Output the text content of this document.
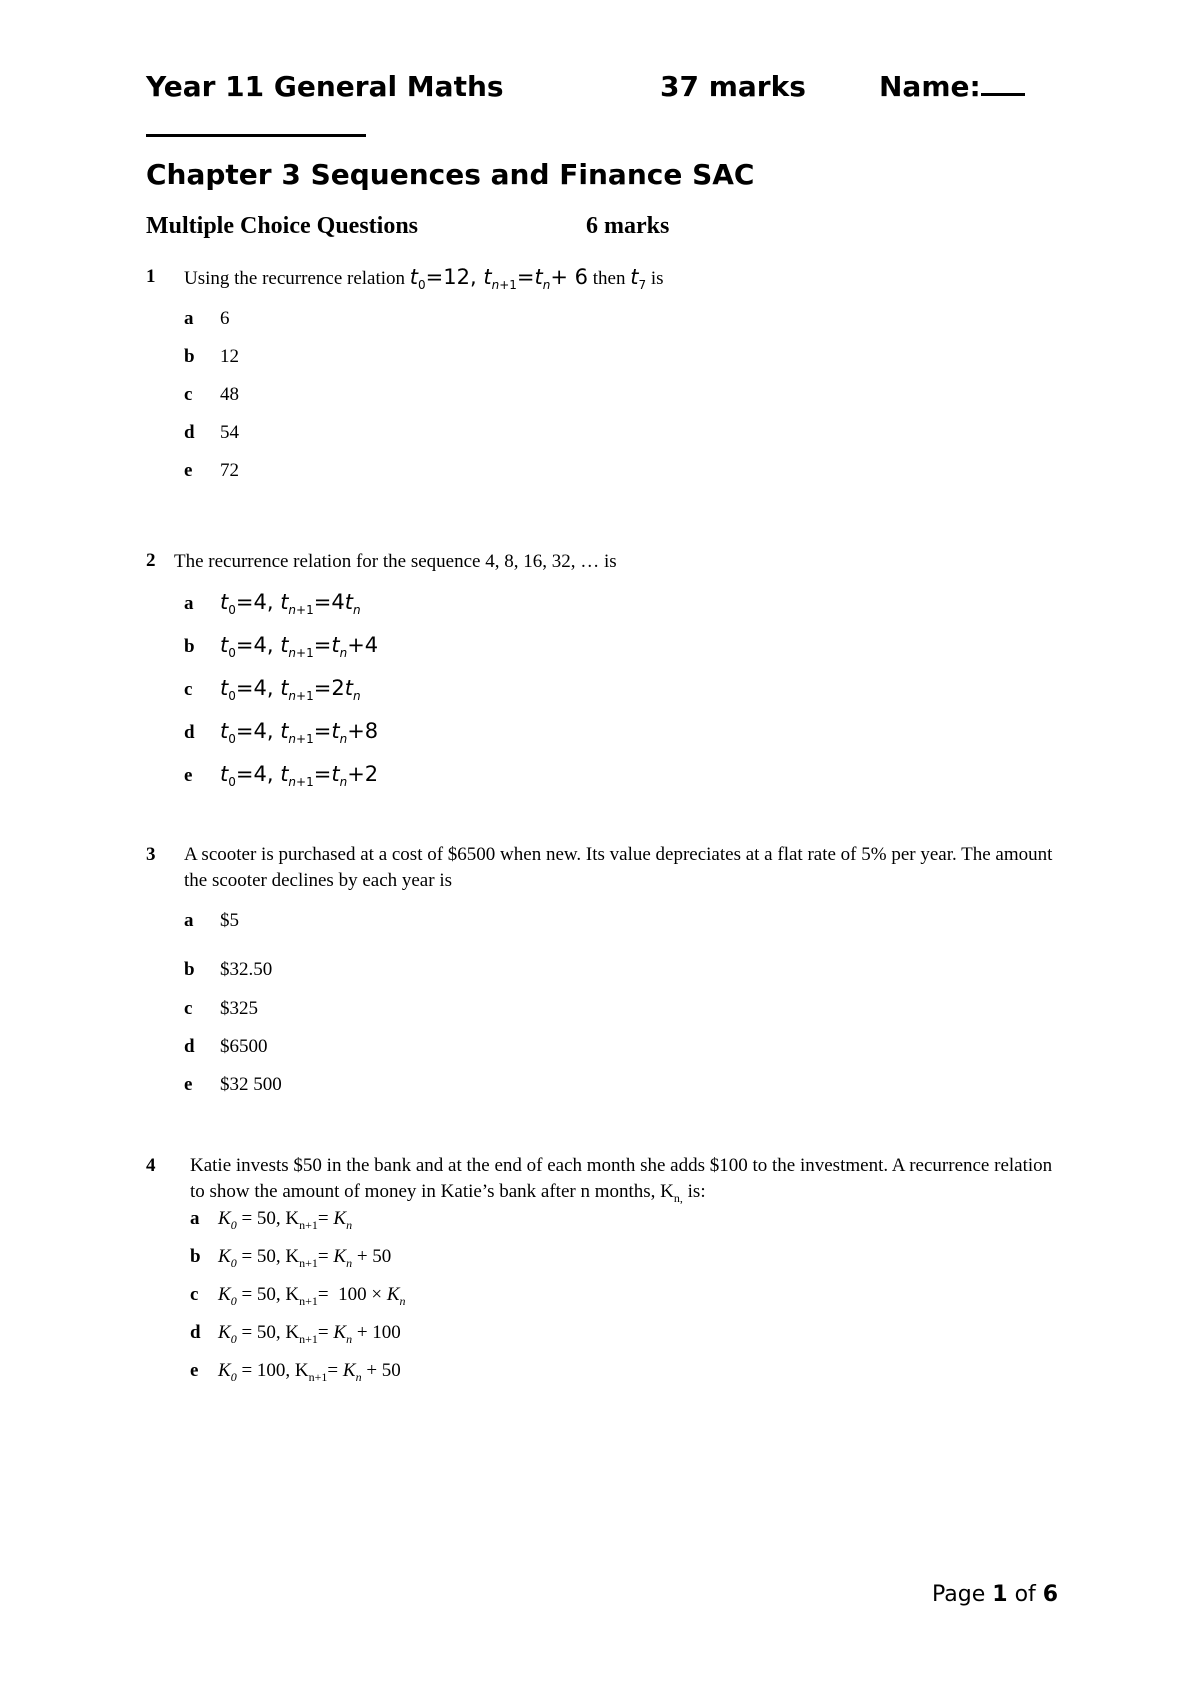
Year 11 General Maths	37 marks	Name:
Chapter 3 Sequences and Finance SAC
Multiple Choice Questions	6 marks
1 Using the recurrence relation $t_0=12$, $t_{n+1}=t_n+ 6$ then $t_7$ is
a 6
b 12
c 48
d 54
e 72
2 The recurrence relation for the sequence 4, 8, 16, 32, … is
a $t_0=4$, $t_{n+1}=4t_n$
b $t_0=4$, $t_{n+1}=t_n+4$
c $t_0=4$, $t_{n+1}=2t_n$
d $t_0=4$, $t_{n+1}=t_n+8$
e $t_0=4$, $t_{n+1}=t_n+2$
3 A scooter is purchased at a cost of $6500 when new. Its value depreciates at a flat rate of 5% per year. The amount the scooter declines by each year is
a $5
b $32.50
c $325
d $6500
e $32 500
4 Katie invests $50 in the bank and at the end of each month she adds $100 to the investment. A recurrence relation to show the amount of money in Katie’s bank after n months, $K_{n,}$ is:
a $K_0 = 50$, $K_{n+1}= K_n$
b $K_0 = 50$, $K_{n+1}= K_n + 50$
c $K_0 = 50$, $K_{n+1}= 100 \times K_n$
d $K_0 = 50$, $K_{n+1}= K_n + 100$
e $K_0 = 100$, $K_{n+1}= K_n + 50$
Page 1 of 6
